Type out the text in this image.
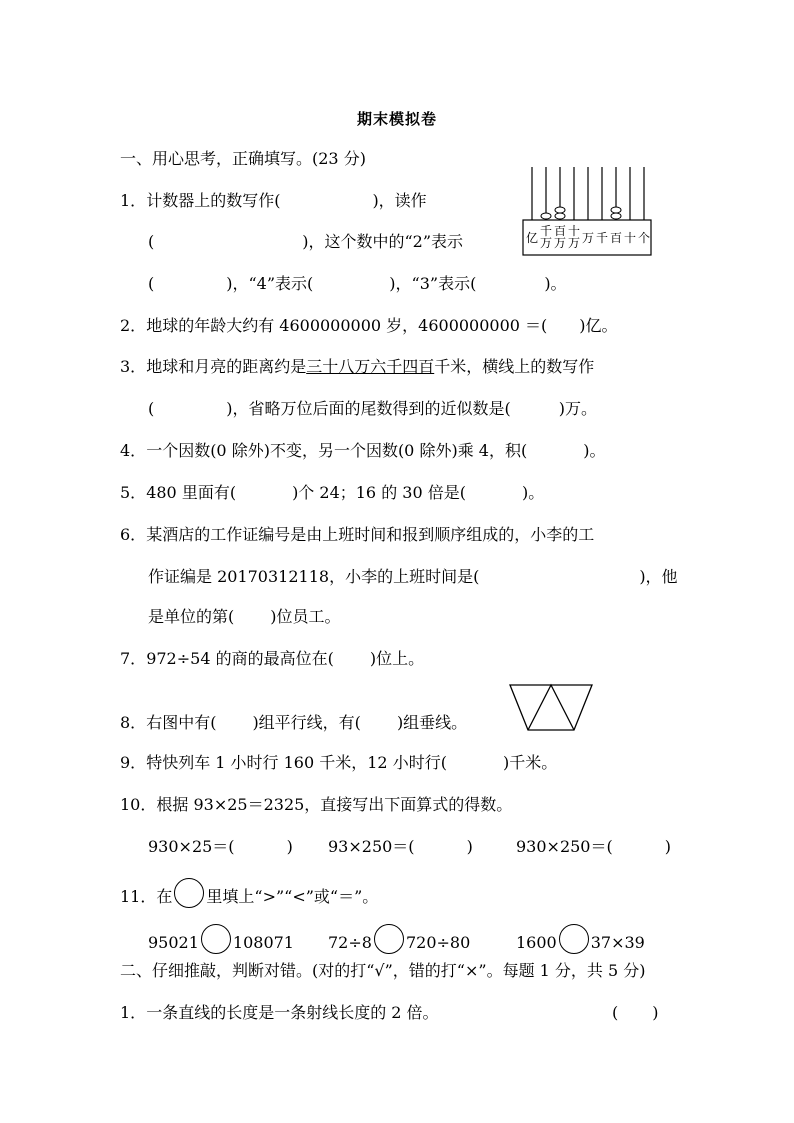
期末模拟卷
一、用心思考，正确填写。(23 分)
1．计数器上的数写作(	)，读作
(	)，这个数中的“2”表示
(	)，“4”表示(	)，“3”表示(	)。
亿 千
万
百
万
十
万 万 千 百 十 个
2．地球的年龄大约有 4600000000 岁，4600000000 ＝( )亿。
3．地球和月亮的距离约是三十八万六千四百千米，横线上的数写作
(	)，省略万位后面的尾数得到的近似数是(	)万。
4．一个因数(0 除外)不变，另一个因数(0 除外)乘 4，积(	)。
5．480 里面有(	)个 24；16 的 30 倍是(	)。
6．某酒店的工作证编号是由上班时间和报到顺序组成的，小李的工
作证编是 20170312118，小李的上班时间是(	)，他
是单位的第( )位员工。
7．972÷54 的商的最高位在( )位上。
8．右图中有( )组平行线，有( )组垂线。
9．特快列车 1 小时行 160 千米，12 小时行(	)千米。
10．根据 93×25＝2325，直接写出下面算式的得数。
930×25＝(	) 93×250＝(	)	930×250＝(	)
11．在 里填上“>”“<”或“＝”。
95021 108071 72÷8 720÷80	1600 37×39
二、仔细推敲，判断对错。(对的打“√”，错的打“×”。每题 1 分，共 5 分)
1．一条直线的长度是一条射线长度的 2 倍。	( )
